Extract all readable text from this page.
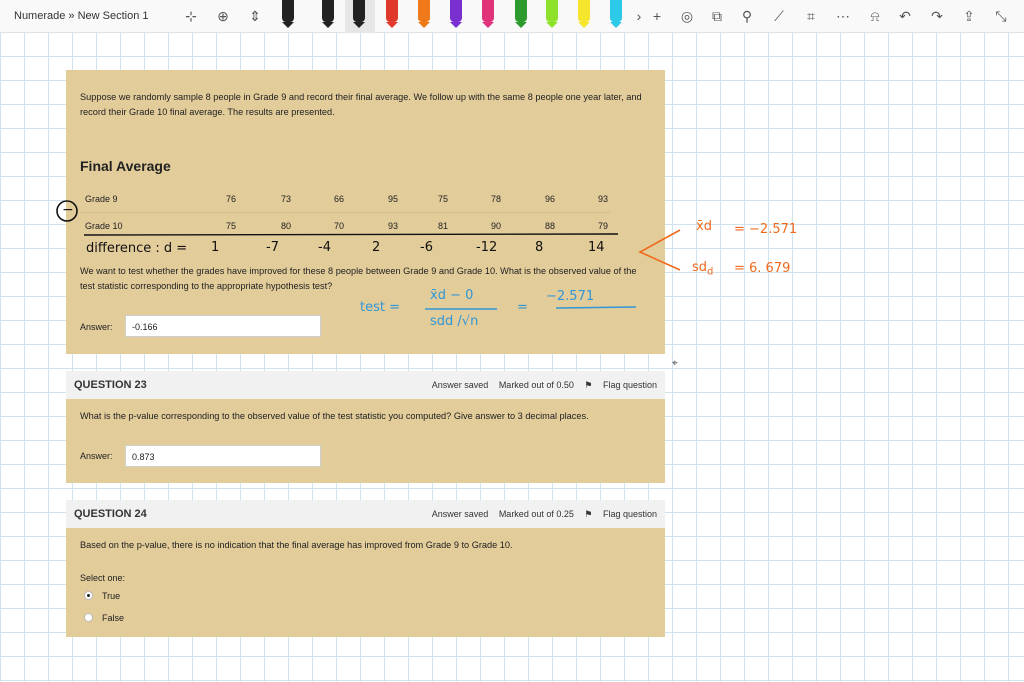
Numerade » New Section 1	⊹ ⊕ ⇕	› +	◎ ⧉ ⚲ ⟋	⌗	⋯	⍾	↶ ↷ ⇪ ⤡
Suppose we randomly sample 8 people in Grade 9 and record their final average. We follow up with the same 8 people one year later, and record their Grade 10 final average. The results are presented.
Final Average
Grade 9	76	73	66	95	75	78	96	93
Grade 10	75	80	70	93	81	90	88	79
We want to test whether the grades have improved for these 8 people between Grade 9 and Grade 10. What is the observed value of the test statistic corresponding to the appropriate hypothesis test?
Answer:	-0.166
QUESTION 23	Answer saved Marked out of 0.50 ⚑ Flag question
What is the p-value corresponding to the observed value of the test statistic you computed? Give answer to 3 decimal places.
Answer:	0.873
QUESTION 24	Answer saved Marked out of 0.25 ⚑ Flag question
Based on the p-value, there is no indication that the final average has improved from Grade 9 to Grade 10.
Select one:
True
False
−
difference : d = 1	-7	-4	2	-6	-12	8	14
x̄d = −2.571
$sd_d = 6$. 679
test =
x̄d − 0
sdd /√n
=
−2.571
⌖
